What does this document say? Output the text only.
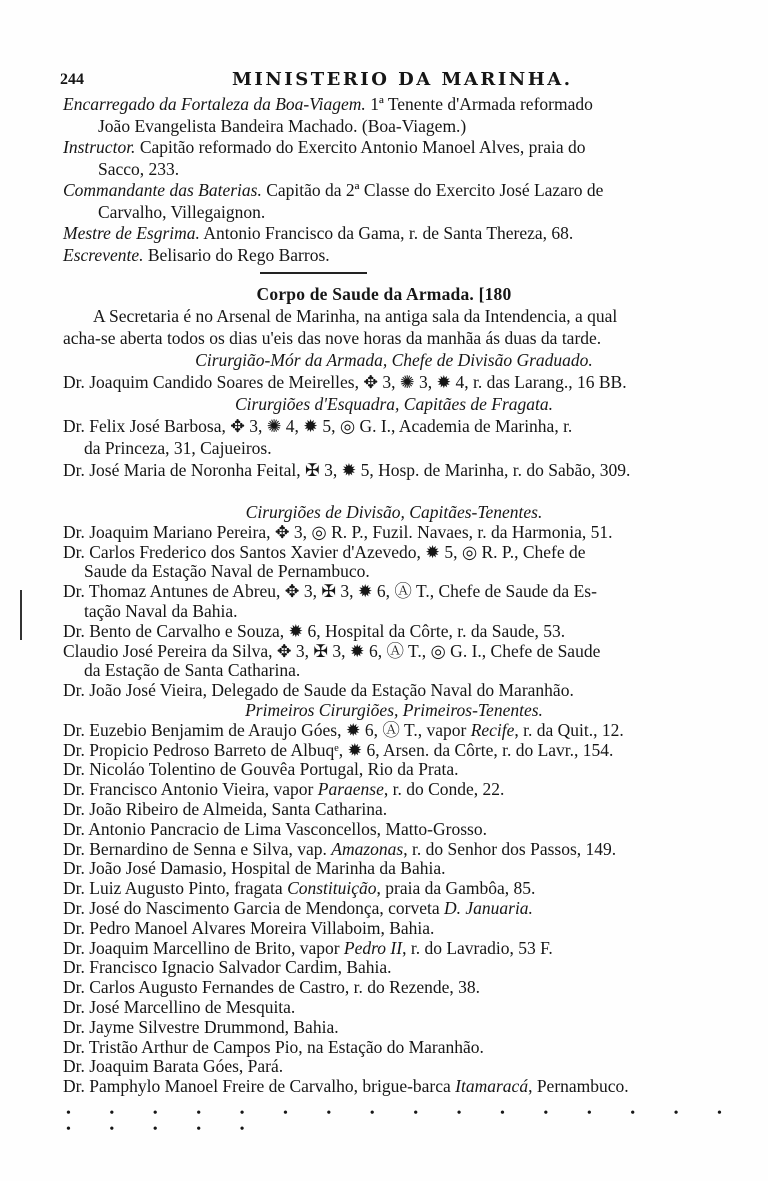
244	MINISTERIO DA MARINHA.
Encarregado da Fortaleza da Boa-Viagem. 1ª Tenente d'Armada reformado
João Evangelista Bandeira Machado. (Boa-Viagem.)
Instructor. Capitão reformado do Exercito Antonio Manoel Alves, praia do
Sacco, 233.
Commandante das Baterias. Capitão da 2ª Classe do Exercito José Lazaro de
Carvalho, Villegaignon.
Mestre de Esgrima. Antonio Francisco da Gama, r. de Santa Thereza, 68.
Escrevente. Belisario do Rego Barros.
Corpo de Saude da Armada. [180
A Secretaria é no Arsenal de Marinha, na antiga sala da Intendencia, a qual
acha-se aberta todos os dias u'eis das nove horas da manhãa ás duas da tarde.
Cirurgião-Mór da Armada, Chefe de Divisão Graduado.
Dr. Joaquim Candido Soares de Meirelles, ✥ 3, ✺ 3, ✹ 4, r. das Larang., 16 BB.
Cirurgiões d'Esquadra, Capitães de Fragata.
Dr. Felix José Barbosa, ✥ 3, ✺ 4, ✹ 5, ◎ G. I., Academia de Marinha, r.
da Princeza, 31, Cajueiros.
Dr. José Maria de Noronha Feital, ✠ 3, ✹ 5, Hosp. de Marinha, r. do Sabão, 309.
Cirurgiões de Divisão, Capitães-Tenentes.
Dr. Joaquim Mariano Pereira, ✥ 3, ◎ R. P., Fuzil. Navaes, r. da Harmonia, 51.
Dr. Carlos Frederico dos Santos Xavier d'Azevedo, ✹ 5, ◎ R. P., Chefe de
Saude da Estação Naval de Pernambuco.
Dr. Thomaz Antunes de Abreu, ✥ 3, ✠ 3, ✹ 6, Ⓐ T., Chefe de Saude da Es-
tação Naval da Bahia.
Dr. Bento de Carvalho e Souza, ✹ 6, Hospital da Côrte, r. da Saude, 53.
Claudio José Pereira da Silva, ✥ 3, ✠ 3, ✹ 6, Ⓐ T., ◎ G. I., Chefe de Saude
da Estação de Santa Catharina.
Dr. João José Vieira, Delegado de Saude da Estação Naval do Maranhão.
Primeiros Cirurgiões, Primeiros-Tenentes.
Dr. Euzebio Benjamim de Araujo Góes, ✹ 6, Ⓐ T., vapor Recife, r. da Quit., 12.
Dr. Propicio Pedroso Barreto de Albuqᵉ, ✹ 6, Arsen. da Côrte, r. do Lavr., 154.
Dr. Nicoláo Tolentino de Gouvêa Portugal, Rio da Prata.
Dr. Francisco Antonio Vieira, vapor Paraense, r. do Conde, 22.
Dr. João Ribeiro de Almeida, Santa Catharina.
Dr. Antonio Pancracio de Lima Vasconcellos, Matto-Grosso.
Dr. Bernardino de Senna e Silva, vap. Amazonas, r. do Senhor dos Passos, 149.
Dr. João José Damasio, Hospital de Marinha da Bahia.
Dr. Luiz Augusto Pinto, fragata Constituição, praia da Gambôa, 85.
Dr. José do Nascimento Garcia de Mendonça, corveta D. Januaria.
Dr. Pedro Manoel Alvares Moreira Villaboim, Bahia.
Dr. Joaquim Marcellino de Brito, vapor Pedro II, r. do Lavradio, 53 F.
Dr. Francisco Ignacio Salvador Cardim, Bahia.
Dr. Carlos Augusto Fernandes de Castro, r. do Rezende, 38.
Dr. José Marcellino de Mesquita.
Dr. Jayme Silvestre Drummond, Bahia.
Dr. Tristão Arthur de Campos Pio, na Estação do Maranhão.
Dr. Joaquim Barata Góes, Pará.
Dr. Pamphylo Manoel Freire de Carvalho, brigue-barca Itamaracá, Pernambuco.
• • • • • • • • • • • • • • • • • • • • •
